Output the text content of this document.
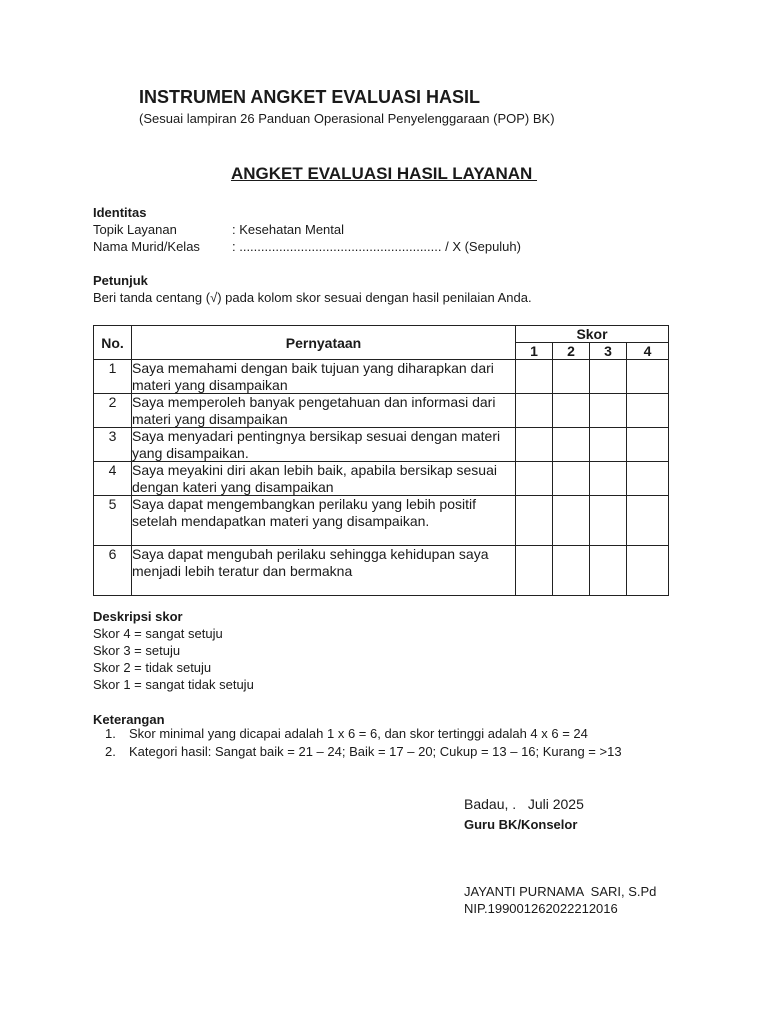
INSTRUMEN ANGKET EVALUASI HASIL
(Sesuai lampiran 26 Panduan Operasional Penyelenggaraan (POP) BK)
ANGKET EVALUASI HASIL LAYANAN
Identitas
Topik Layanan	: Kesehatan Mental
Nama Murid/Kelas : ........................................................ / X (Sepuluh)
Petunjuk
Beri tanda centang (√) pada kolom skor sesuai dengan hasil penilaian Anda.
No.	Pernyataan	Skor			
		1	2	3	4
1	Saya memahami dengan baik tujuan yang diharapkan dari materi yang disampaikan				
2	Saya memperoleh banyak pengetahuan dan informasi dari materi yang disampaikan				
3	Saya menyadari pentingnya bersikap sesuai dengan materi yang disampaikan.				
4	Saya meyakini diri akan lebih baik, apabila bersikap sesuai dengan kateri yang disampaikan				
5	Saya dapat mengembangkan perilaku yang lebih positif setelah mendapatkan materi yang disampaikan.				
6	Saya dapat mengubah perilaku sehingga kehidupan saya menjadi lebih teratur dan bermakna				
Deskripsi skor
Skor 4 = sangat setuju
Skor 3 = setuju
Skor 2 = tidak setuju
Skor 1 = sangat tidak setuju
Keterangan
1. Skor minimal yang dicapai adalah 1 x 6 = 6, dan skor tertinggi adalah 4 x 6 = 24
2. Kategori hasil: Sangat baik = 21 – 24; Baik = 17 – 20; Cukup = 13 – 16; Kurang = >13
Badau, .   Juli 2025
Guru BK/Konselor
JAYANTI PURNAMA  SARI, S.Pd
NIP.199001262022212016
